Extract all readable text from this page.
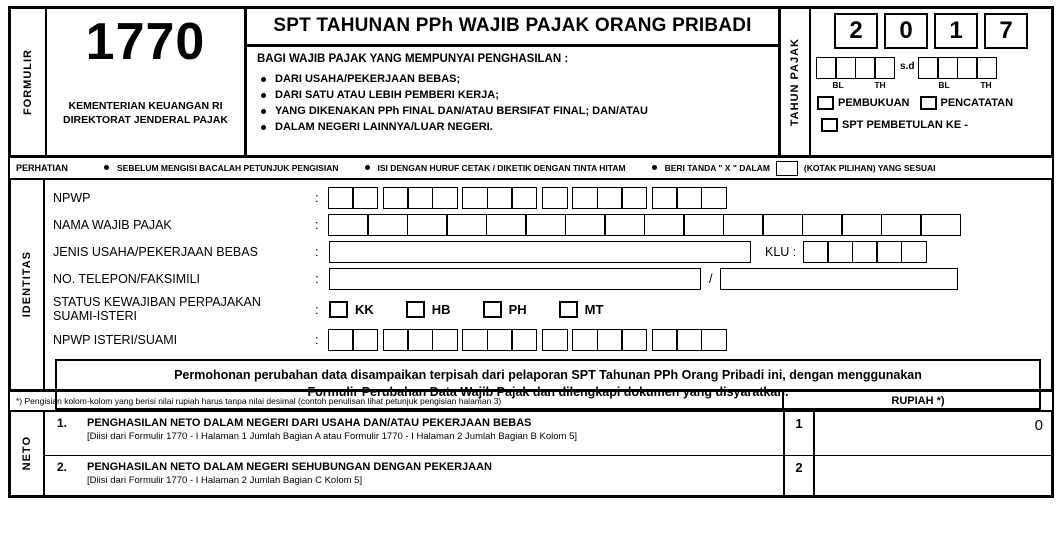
FORMULIR
1770
KEMENTERIAN KEUANGAN RI
DIREKTORAT JENDERAL PAJAK
SPT TAHUNAN PPh WAJIB PAJAK ORANG PRIBADI
BAGI WAJIB PAJAK YANG MEMPUNYAI PENGHASILAN :
DARI USAHA/PEKERJAAN BEBAS;
DARI SATU ATAU LEBIH PEMBERI KERJA;
YANG DIKENAKAN PPh FINAL DAN/ATAU BERSIFAT FINAL; DAN/ATAU
DALAM NEGERI LAINNYA/LUAR NEGERI.
TAHUN PAJAK
2	0	1	7
s.d
BL	TH	BL	TH
PEMBUKUAN	PENCATATAN
SPT PEMBETULAN KE -
PERHATIAN	SEBELUM MENGISI BACALAH PETUNJUK PENGISIAN	ISI DENGAN HURUF CETAK / DIKETIK DENGAN TINTA HITAM	BERI TANDA " X " DALAM	(KOTAK PILIHAN) YANG SESUAI
IDENTITAS
NPWP	:
NAMA WAJIB PAJAK	:
JENIS USAHA/PEKERJAAN BEBAS	:	KLU :
NO. TELEPON/FAKSIMILI	:	/
STATUS KEWAJIBAN PERPAJAKAN
SUAMI-ISTERI	:	KK	HB	PH	MT
NPWP ISTERI/SUAMI	:
Permohonan perubahan data disampaikan terpisah dari pelaporan SPT Tahunan PPh Orang Pribadi ini, dengan menggunakan
Formulir Perubahan Data Wajib Pajak dan dilengkapi dokumen yang disyaratkan.
*) Pengisian kolom-kolom yang berisi nilai rupiah harus tanpa nilai desimal (contoh penulisan lihat petunjuk pengisian halaman 3)	RUPIAH *)
NETO
1.	PENGHASILAN NETO DALAM NEGERI DARI USAHA DAN/ATAU PEKERJAAN BEBAS
[Diisi dari Formulir 1770 - I Halaman 1 Jumlah Bagian A atau Formulir 1770 - I Halaman 2 Jumlah Bagian B Kolom 5]
1	0
2.	PENGHASILAN NETO DALAM NEGERI SEHUBUNGAN DENGAN PEKERJAAN
[Diisi dari Formulir 1770 - I Halaman 2 Jumlah Bagian C Kolom 5]
2
